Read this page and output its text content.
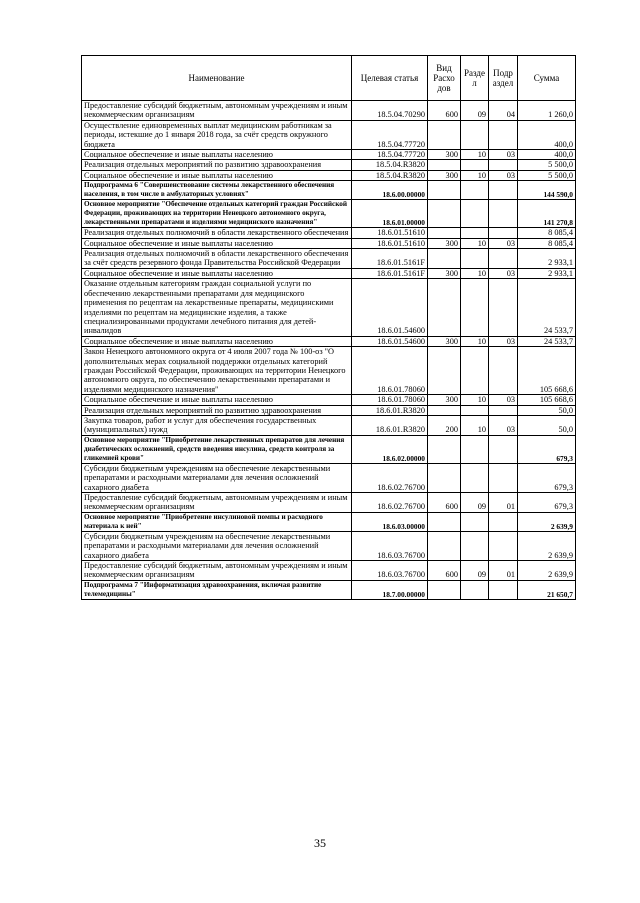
Наименование	Целевая статья	Вид Расхо дов	Разде л	Подр аздел	Сумма
Предоставление субсидий бюджетным, автономным учреждениям и иным некоммерческим организациям	18.5.04.70290	600	09	04	1 260,0
Осуществление единовременных выплат медицинским работникам за периоды, истекшие до 1 января 2018 года, за счёт средств окружного бюджета	18.5.04.77720				400,0
Социальное обеспечение и иные выплаты населению	18.5.04.77720	300	10	03	400,0
Реализация отдельных мероприятий по развитию здравоохранения	18.5.04.R3820				5 500,0
Социальное обеспечение и иные выплаты населению	18.5.04.R3820	300	10	03	5 500,0
Подпрограмма 6 "Совершенствование системы лекарственного обеспечения населения, в том числе в амбулаторных условиях"	18.6.00.00000				144 590,0
Основное мероприятие "Обеспечение отдельных категорий граждан Российской Федерации, проживающих на территории Ненецкого автономного округа, лекарственными препаратами и изделиями медицинского назначения"	18.6.01.00000				141 270,8
Реализация отдельных полномочий в области лекарственного обеспечения	18.6.01.51610				8 085,4
Социальное обеспечение и иные выплаты населению	18.6.01.51610	300	10	03	8 085,4
Реализация отдельных полномочий в области лекарственного обеспечения за счёт средств резервного фонда Правительства Российской Федерации	18.6.01.5161F				2 933,1
Социальное обеспечение и иные выплаты населению	18.6.01.5161F	300	10	03	2 933,1
Оказание отдельным категориям граждан социальной услуги по обеспечению лекарственными препаратами для медицинского применения по рецептам на лекарственные препараты, медицинскими изделиями по рецептам на медицинские изделия, а также специализированными продуктами лечебного питания для детей-инвалидов	18.6.01.54600				24 533,7
Социальное обеспечение и иные выплаты населению	18.6.01.54600	300	10	03	24 533,7
Закон Ненецкого автономного округа от 4 июля 2007 года № 100-оз "О дополнительных мерах социальной поддержки отдельных категорий граждан Российской Федерации, проживающих на территории Ненецкого автономного округа, по обеспечению лекарственными препаратами и изделиями медицинского назначения"	18.6.01.78060				105 668,6
Социальное обеспечение и иные выплаты населению	18.6.01.78060	300	10	03	105 668,6
Реализация отдельных мероприятий по развитию здравоохранения	18.6.01.R3820				50,0
Закупка товаров, работ и услуг для обеспечения государственных (муниципальных) нужд	18.6.01.R3820	200	10	03	50,0
Основное мероприятие "Приобретение лекарственных препаратов для лечения диабетических осложнений, средств введения инсулина, средств контроля за гликемией крови"	18.6.02.00000				679,3
Субсидии бюджетным учреждениям на обеспечение лекарственными препаратами и расходными материалами для лечения осложнений сахарного диабета	18.6.02.76700				679,3
Предоставление субсидий бюджетным, автономным учреждениям и иным некоммерческим организациям	18.6.02.76700	600	09	01	679,3
Основное мероприятие "Приобретение инсулиновой помпы и расходного материала к ней"	18.6.03.00000				2 639,9
Субсидии бюджетным учреждениям на обеспечение лекарственными препаратами и расходными материалами для лечения осложнений сахарного диабета	18.6.03.76700				2 639,9
Предоставление субсидий бюджетным, автономным учреждениям и иным некоммерческим организациям	18.6.03.76700	600	09	01	2 639,9
Подпрограмма 7 "Информатизация здравоохранения, включая развитие телемедицины"	18.7.00.00000				21 650,7
35
